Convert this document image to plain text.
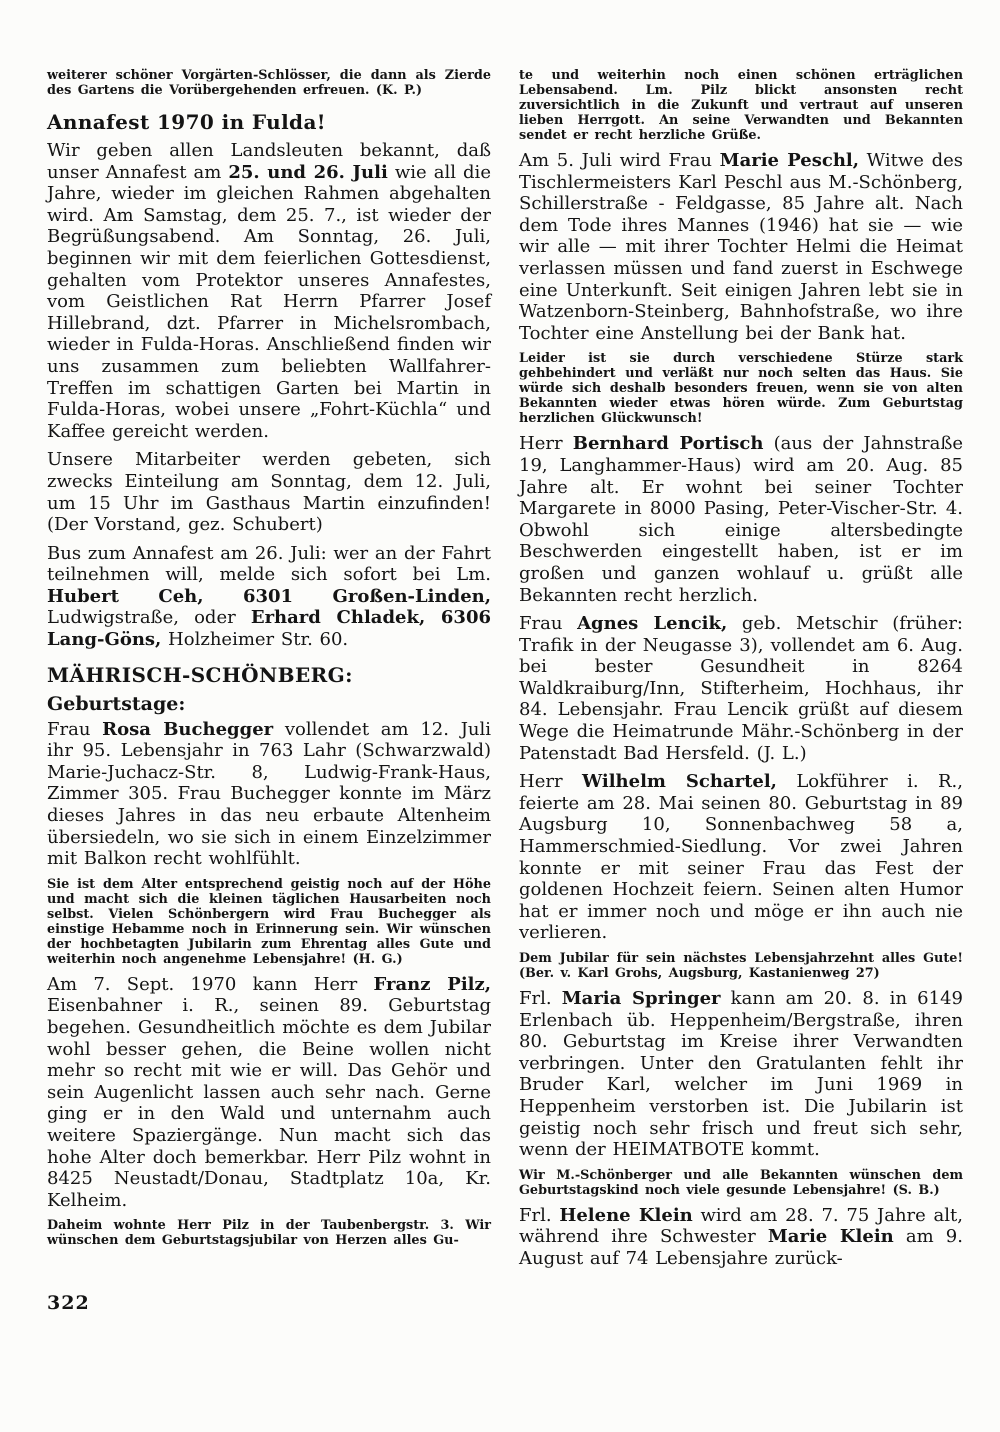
weiterer schöner Vorgärten-Schlösser, die dann als Zierde des Gartens die Vorübergehenden erfreuen. (K. P.)

Annafest 1970 in Fulda!

Wir geben allen Landsleuten bekannt, daß unser Annafest am 25. und 26. Juli wie all die Jahre, wieder im gleichen Rahmen abgehalten wird. Am Samstag, dem 25. 7., ist wieder der Begrüßungsabend. Am Sonntag, 26. Juli, beginnen wir mit dem feierlichen Gottesdienst, gehalten vom Protektor unseres Annafestes, vom Geistlichen Rat Herrn Pfarrer Josef Hillebrand, dzt. Pfarrer in Michelsrombach, wieder in Fulda-Horas. Anschließend finden wir uns zusammen zum beliebten Wallfahrer-Treffen im schattigen Garten bei Martin in Fulda-Horas, wobei unsere „Fohrt-Küchla“ und Kaffee gereicht werden.

Unsere Mitarbeiter werden gebeten, sich zwecks Einteilung am Sonntag, dem 12. Juli, um 15 Uhr im Gasthaus Martin einzufinden! (Der Vorstand, gez. Schubert)

Bus zum Annafest am 26. Juli: wer an der Fahrt teilnehmen will, melde sich sofort bei Lm. Hubert Ceh, 6301 Großen-Linden, Ludwigstraße, oder Erhard Chladek, 6306 Lang-Göns, Holzheimer Str. 60.

MÄHRISCH-SCHÖNBERG:
Geburtstage:

Frau Rosa Buchegger vollendet am 12. Juli ihr 95. Lebensjahr in 763 Lahr (Schwarzwald) Marie-Juchacz-Str. 8, Ludwig-Frank-Haus, Zimmer 305. Frau Buchegger konnte im März dieses Jahres in das neu erbaute Altenheim übersiedeln, wo sie sich in einem Einzelzimmer mit Balkon recht wohlfühlt.

Sie ist dem Alter entsprechend geistig noch auf der Höhe und macht sich die kleinen täglichen Hausarbeiten noch selbst. Vielen Schönbergern wird Frau Buchegger als einstige Hebamme noch in Erinnerung sein. Wir wünschen der hochbetagten Jubilarin zum Ehrentag alles Gute und weiterhin noch angenehme Lebensjahre! (H. G.)

Am 7. Sept. 1970 kann Herr Franz Pilz, Eisenbahner i. R., seinen 89. Geburtstag begehen. Gesundheitlich möchte es dem Jubilar wohl besser gehen, die Beine wollen nicht mehr so recht mit wie er will. Das Gehör und sein Augenlicht lassen auch sehr nach. Gerne ging er in den Wald und unternahm auch weitere Spaziergänge. Nun macht sich das hohe Alter doch bemerkbar. Herr Pilz wohnt in 8425 Neustadt/Donau, Stadtplatz 10a, Kr. Kelheim.

Daheim wohnte Herr Pilz in der Taubenbergstr. 3. Wir wünschen dem Geburtstagsjubilar von Herzen alles Gu-

te und weiterhin noch einen schönen erträglichen Lebensabend. Lm. Pilz blickt ansonsten recht zuversichtlich in die Zukunft und vertraut auf unseren lieben Herrgott. An seine Verwandten und Bekannten sendet er recht herzliche Grüße.

Am 5. Juli wird Frau Marie Peschl, Witwe des Tischlermeisters Karl Peschl aus M.-Schönberg, Schillerstraße - Feldgasse, 85 Jahre alt. Nach dem Tode ihres Mannes (1946) hat sie — wie wir alle — mit ihrer Tochter Helmi die Heimat verlassen müssen und fand zuerst in Eschwege eine Unterkunft. Seit einigen Jahren lebt sie in Watzenborn-Steinberg, Bahnhofstraße, wo ihre Tochter eine Anstellung bei der Bank hat.

Leider ist sie durch verschiedene Stürze stark gehbehindert und verläßt nur noch selten das Haus. Sie würde sich deshalb besonders freuen, wenn sie von alten Bekannten wieder etwas hören würde. Zum Geburtstag herzlichen Glückwunsch!

Herr Bernhard Portisch (aus der Jahnstraße 19, Langhammer-Haus) wird am 20. Aug. 85 Jahre alt. Er wohnt bei seiner Tochter Margarete in 8000 Pasing, Peter-Vischer-Str. 4. Obwohl sich einige altersbedingte Beschwerden eingestellt haben, ist er im großen und ganzen wohlauf u. grüßt alle Bekannten recht herzlich.

Frau Agnes Lencik, geb. Metschir (früher: Trafik in der Neugasse 3), vollendet am 6. Aug. bei bester Gesundheit in 8264 Waldkraiburg/Inn, Stifterheim, Hochhaus, ihr 84. Lebensjahr. Frau Lencik grüßt auf diesem Wege die Heimatrunde Mähr.-Schönberg in der Patenstadt Bad Hersfeld. (J. L.)

Herr Wilhelm Schartel, Lokführer i. R., feierte am 28. Mai seinen 80. Geburtstag in 89 Augsburg 10, Sonnenbachweg 58 a, Hammerschmied-Siedlung. Vor zwei Jahren konnte er mit seiner Frau das Fest der goldenen Hochzeit feiern. Seinen alten Humor hat er immer noch und möge er ihn auch nie verlieren.

Dem Jubilar für sein nächstes Lebensjahrzehnt alles Gute! (Ber. v. Karl Grohs, Augsburg, Kastanienweg 27)

Frl. Maria Springer kann am 20. 8. in 6149 Erlenbach üb. Heppenheim/Bergstraße, ihren 80. Geburtstag im Kreise ihrer Verwandten verbringen. Unter den Gratulanten fehlt ihr Bruder Karl, welcher im Juni 1969 in Heppenheim verstorben ist. Die Jubilarin ist geistig noch sehr frisch und freut sich sehr, wenn der HEIMATBOTE kommt.

Wir M.-Schönberger und alle Bekannten wünschen dem Geburtstagskind noch viele gesunde Lebensjahre! (S. B.)

Frl. Helene Klein wird am 28. 7. 75 Jahre alt, während ihre Schwester Marie Klein am 9. August auf 74 Lebensjahre zurück-

322
